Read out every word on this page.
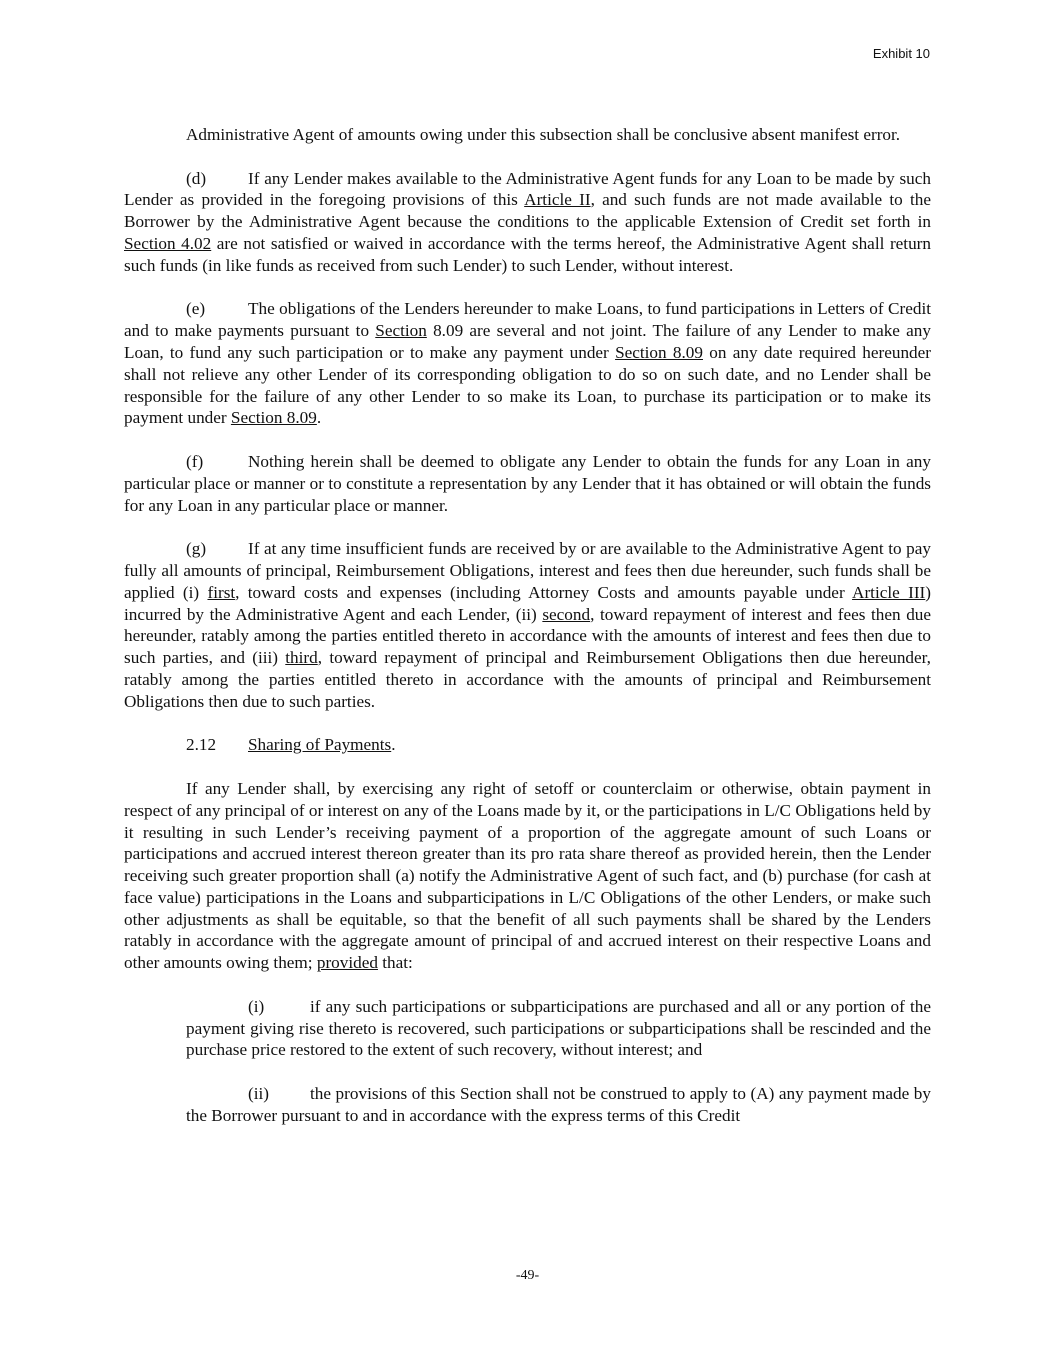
Exhibit 10

Administrative Agent of amounts owing under this subsection shall be conclusive absent manifest error.

(d) If any Lender makes available to the Administrative Agent funds for any Loan to be made by such Lender as provided in the foregoing provisions of this Article II, and such funds are not made available to the Borrower by the Administrative Agent because the conditions to the applicable Extension of Credit set forth in Section 4.02 are not satisfied or waived in accordance with the terms hereof, the Administrative Agent shall return such funds (in like funds as received from such Lender) to such Lender, without interest.

(e) The obligations of the Lenders hereunder to make Loans, to fund participations in Letters of Credit and to make payments pursuant to Section 8.09 are several and not joint. The failure of any Lender to make any Loan, to fund any such participation or to make any payment under Section 8.09 on any date required hereunder shall not relieve any other Lender of its corresponding obligation to do so on such date, and no Lender shall be responsible for the failure of any other Lender to so make its Loan, to purchase its participation or to make its payment under Section 8.09.

(f)	Nothing herein shall be deemed to obligate any Lender to obtain the funds for any Loan in any particular place or manner or to constitute a representation by any Lender that it has obtained or will obtain the funds for any Loan in any particular place or manner.

(g) If at any time insufficient funds are received by or are available to the Administrative Agent to pay fully all amounts of principal, Reimbursement Obligations, interest and fees then due hereunder, such funds shall be applied (i) first, toward costs and expenses (including Attorney Costs and amounts payable under Article III) incurred by the Administrative Agent and each Lender, (ii) second, toward repayment of interest and fees then due hereunder, ratably among the parties entitled thereto in accordance with the amounts of interest and fees then due to such parties, and (iii) third, toward repayment of principal and Reimbursement Obligations then due hereunder, ratably among the parties entitled thereto in accordance with the amounts of principal and Reimbursement Obligations then due to such parties.

2.12 Sharing of Payments.

If any Lender shall, by exercising any right of setoff or counterclaim or otherwise, obtain payment in respect of any principal of or interest on any of the Loans made by it, or the participations in L/C Obligations held by it resulting in such Lender’s receiving payment of a proportion of the aggregate amount of such Loans or participations and accrued interest thereon greater than its pro rata share thereof as provided herein, then the Lender receiving such greater proportion shall (a) notify the Administrative Agent of such fact, and (b) purchase (for cash at face value) participations in the Loans and subparticipations in L/C Obligations of the other Lenders, or make such other adjustments as shall be equitable, so that the benefit of all such payments shall be shared by the Lenders ratably in accordance with the aggregate amount of principal of and accrued interest on their respective Loans and other amounts owing them; provided that:

(i)	if any such participations or subparticipations are purchased and all or any portion of the payment giving rise thereto is recovered, such participations or subparticipations shall be rescinded and the purchase price restored to the extent of such recovery, without interest; and

(ii) the provisions of this Section shall not be construed to apply to (A) any payment made by the Borrower pursuant to and in accordance with the express terms of this Credit

-49-
